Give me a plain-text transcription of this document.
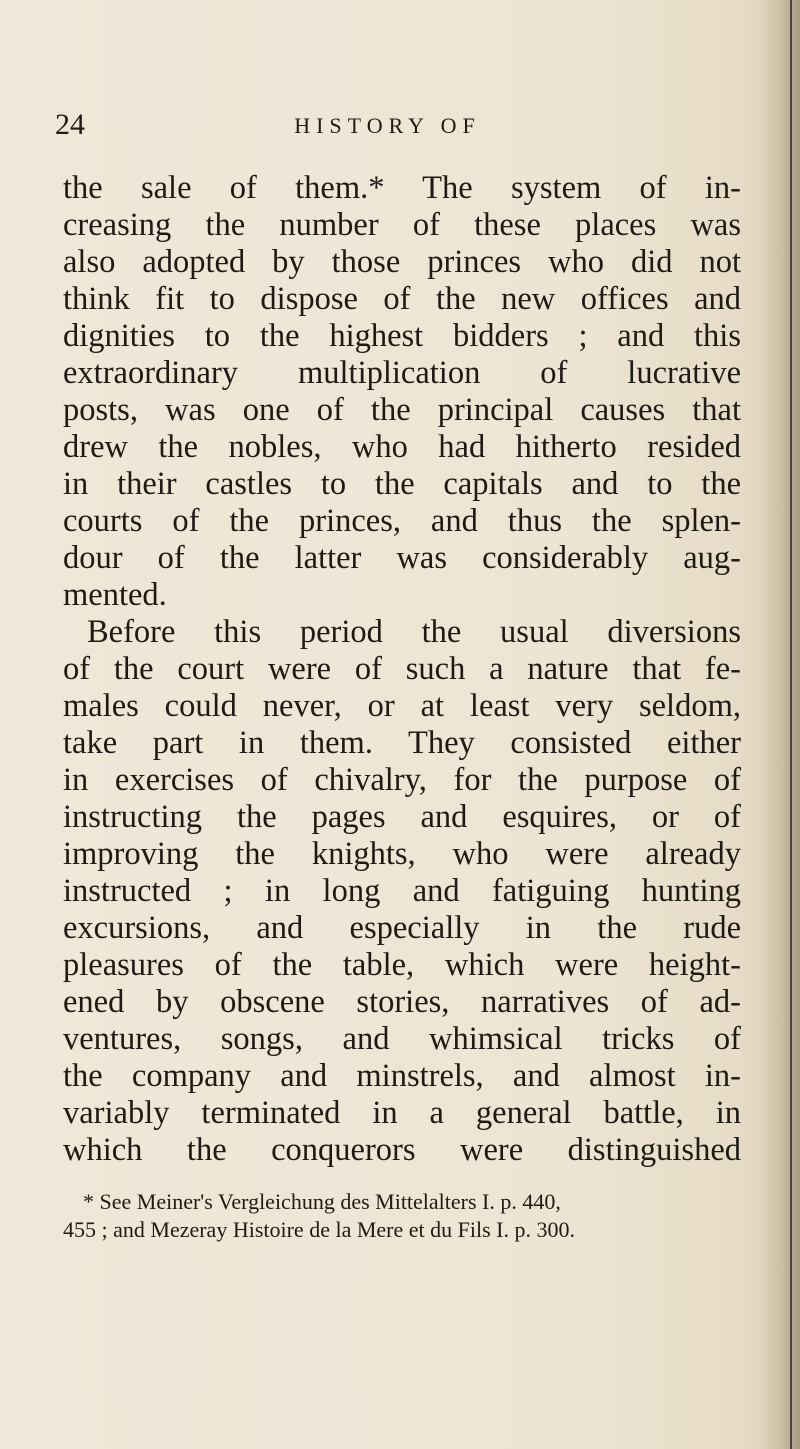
24	HISTORY OF
the sale of them.* The system of in-
creasing the number of these places was
also adopted by those princes who did not
think fit to dispose of the new offices and
dignities to the highest bidders ; and this
extraordinary multiplication of lucrative
posts, was one of the principal causes that
drew the nobles, who had hitherto resided
in their castles to the capitals and to the
courts of the princes, and thus the splen-
dour of the latter was considerably aug-
mented.
Before this period the usual diversions
of the court were of such a nature that fe-
males could never, or at least very seldom,
take part in them. They consisted either
in exercises of chivalry, for the purpose of
instructing the pages and esquires, or of
improving the knights, who were already
instructed ; in long and fatiguing hunting
excursions, and especially in the rude
pleasures of the table, which were height-
ened by obscene stories, narratives of ad-
ventures, songs, and whimsical tricks of
the company and minstrels, and almost in-
variably terminated in a general battle, in
which the conquerors were distinguished
* See Meiner's Vergleichung des Mittelalters I. p. 440,
455 ; and Mezeray Histoire de la Mere et du Fils I. p. 300.
